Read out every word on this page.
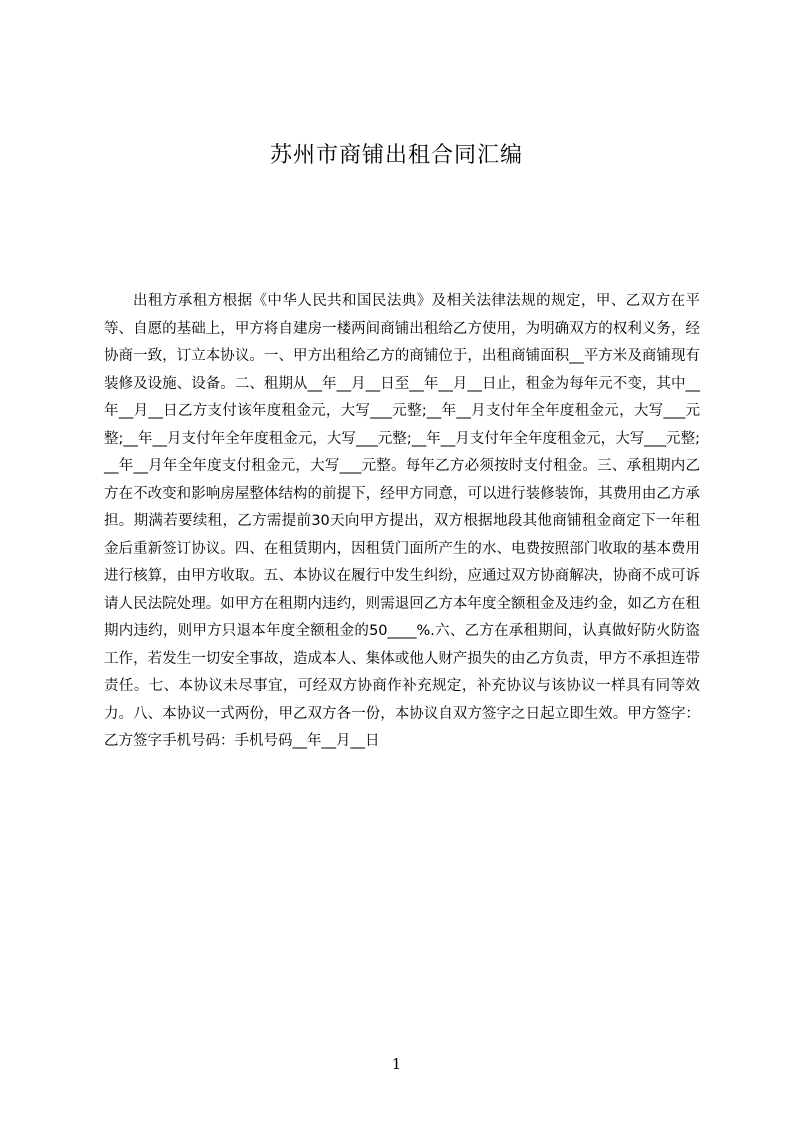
苏州市商铺出租合同汇编
出租方承租方根据《中华人民共和国民法典》及相关法律法规的规定，甲、乙双方在平等、自愿的基础上，甲方将自建房一楼两间商铺出租给乙方使用，为明确双方的权利义务，经协商一致，订立本协议。一、甲方出租给乙方的商铺位于，出租商铺面积__平方米及商铺现有装修及设施、设备。二、租期从__年__月__日至__年__月__日止，租金为每年元不变，其中__年__月__日乙方支付该年度租金元，大写___元整;__年__月支付年全年度租金元，大写___元整;__年__月支付年全年度租金元，大写___元整;__年__月支付年全年度租金元，大写___元整;__年__月年全年度支付租金元，大写___元整。每年乙方必须按时支付租金。三、承租期内乙方在不改变和影响房屋整体结构的前提下，经甲方同意，可以进行装修装饰，其费用由乙方承担。期满若要续租，乙方需提前30天向甲方提出，双方根据地段其他商铺租金商定下一年租金后重新签订协议。四、在租赁期内，因租赁门面所产生的水、电费按照部门收取的基本费用进行核算，由甲方收取。五、本协议在履行中发生纠纷，应通过双方协商解决，协商不成可诉请人民法院处理。如甲方在租期内违约，则需退回乙方本年度全额租金及违约金，如乙方在租期内违约，则甲方只退本年度全额租金的50____%.六、乙方在承租期间，认真做好防火防盗工作，若发生一切安全事故，造成本人、集体或他人财产损失的由乙方负责，甲方不承担连带责任。七、本协议未尽事宜，可经双方协商作补充规定，补充协议与该协议一样具有同等效力。八、本协议一式两份，甲乙双方各一份，本协议自双方签字之日起立即生效。甲方签字：乙方签字手机号码：手机号码__年__月__日
1
